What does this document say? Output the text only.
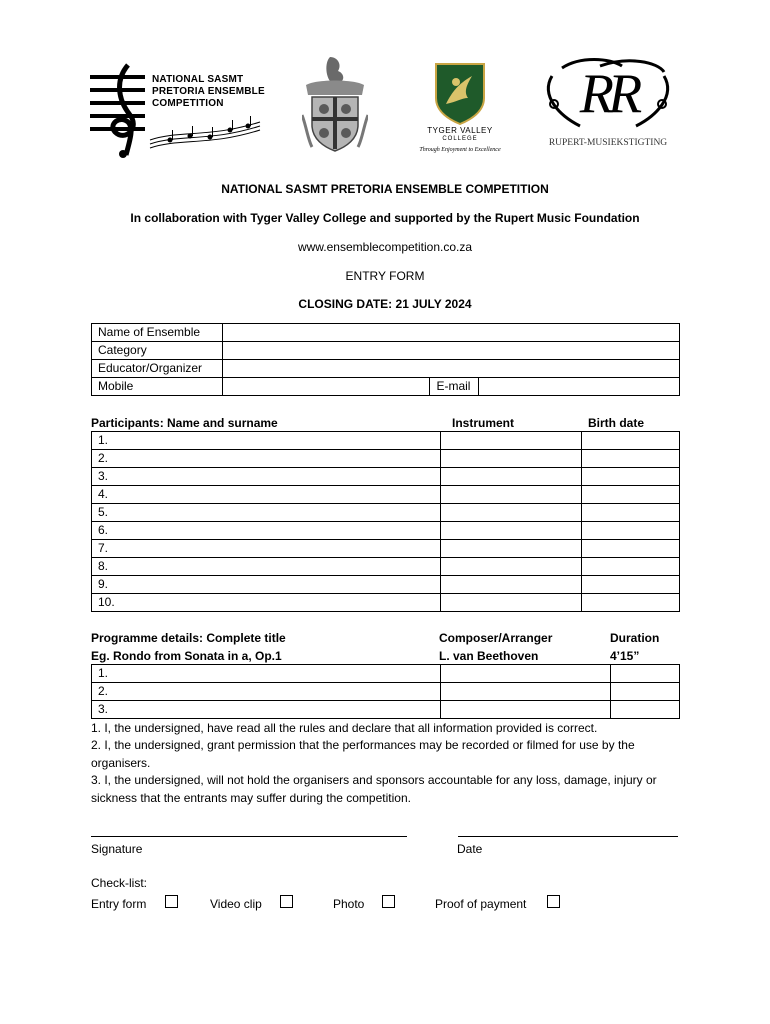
NATIONAL SASMT
PRETORIA ENSEMBLE
COMPETITION
TYGER VALLEY
COLLEGE
Through Enjoyment to Excellence
RR
RUPERT-MUSIEKSTIGTING
NATIONAL SASMT PRETORIA ENSEMBLE COMPETITION
In collaboration with Tyger Valley College and supported by the Rupert Music Foundation
www.ensemblecompetition.co.za
ENTRY FORM
CLOSING DATE: 21 JULY 2024
Name of Ensemble	
Category	
Educator/Organizer	
Mobile		E-mail	
Participants: Name and surname	Instrument	Birth date
1.		
2.		
3.		
4.		
5.		
6.		
7.		
8.		
9.		
10.		
Programme details: Complete title	Composer/Arranger	Duration
Eg. Rondo from Sonata in a, Op.1	L. van Beethoven	4’15”
1.		
2.		
3.		
1. I, the undersigned, have read all the rules and declare that all information provided is correct.
2. I, the undersigned, grant permission that the performances may be recorded or filmed for use by the organisers.
3. I, the undersigned, will not hold the organisers and sponsors accountable for any loss, damage, injury or sickness that the entrants may suffer during the competition.
Signature	Date
Check-list:
Entry form	Video clip	Photo	Proof of payment
